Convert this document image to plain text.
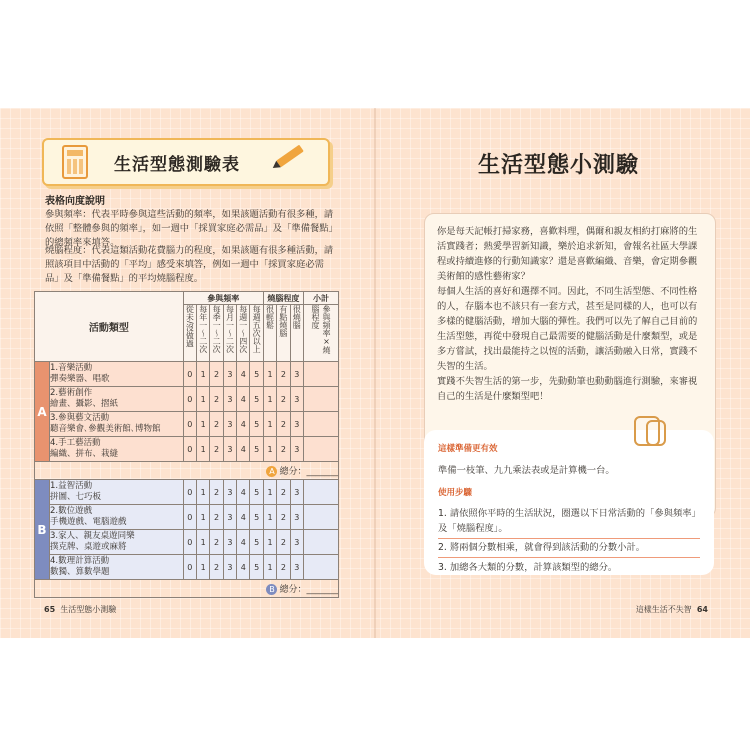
生活型態測驗表
表格向度說明
參與頻率：代表平時參與這些活動的頻率，如果該題活動有很多種，請依照「整體參與的頻率」，如一週中「採買家庭必需品」及「準備餐點」的總頻率來填答。
燒腦程度：代表這類活動花費腦力的程度，如果該題有很多種活動，請照該項目中活動的「平均」感受來填答，例如一週中「採買家庭必需品」及「準備餐點」的平均燒腦程度。
活動類型		參與頻率						燒腦程度			小計
		從未/沒做過	每年一～二次	每季一～二次	每月一～二次	每週一～四次	每週五次以上	很輕鬆	有點燒腦	很燒腦	參與頻率×燒腦程度
A	1.音樂活動
彈奏樂器、唱歌	0	1	2	3	4	5	1	2	3	

	2.藝術創作
繪畫、攝影、摺紙	0	1	2	3	4	5	1	2	3	

	3.參與藝文活動
聽音樂會､參觀美術館､博物館	0	1	2	3	4	5	1	2	3	

	4.手工藝活動
編織、拼布、栽縫	0	1	2	3	4	5	1	2	3	
A 總分：_______											
B	1.益智活動
拼圖、七巧板	0	1	2	3	4	5	1	2	3	

	2.數位遊戲
手機遊戲、電腦遊戲	0	1	2	3	4	5	1	2	3	

	3.家人、親友桌遊同樂
撲克牌、桌遊或麻將	0	1	2	3	4	5	1	2	3	

	4.數理計算活動
數獨、算數學題	0	1	2	3	4	5	1	2	3	
B 總分：_______											
65 生活型態小測驗
生活型態小測驗
你是每天記帳打掃家務，喜歡料理，偶爾和親友相約打麻將的生活實踐者；熱愛學習新知識，樂於追求新知，會報名社區大學課程或持續進修的行動知識家？還是喜歡編織、音樂，會定期參觀美術館的感性藝術家？
每個人生活的喜好和選擇不同。因此，不同生活型態、不同性格的人，存腦本也不該只有一套方式，甚至是同樣的人，也可以有多樣的健腦活動，增加大腦的彈性。我們可以先了解自己目前的生活型態，再從中發現自己最需要的健腦活動是什麼類型，或是多方嘗試，找出最能持之以恆的活動，讓活動融入日常，實踐不失智的生活。
實踐不失智生活的第一步，先動動筆也動動腦進行測驗，來審視自己的生活是什麼類型吧！
這樣準備更有效
準備一枝筆、九九乘法表或是計算機一台。
使用步驟
1. 請依照你平時的生活狀況，圈選以下日常活動的「參與頻率」及「燒腦程度」。
2. 將兩個分數相乘，就會得到該活動的分數小計。
3. 加總各大類的分數，計算該類型的總分。
這樣生活不失智 64
